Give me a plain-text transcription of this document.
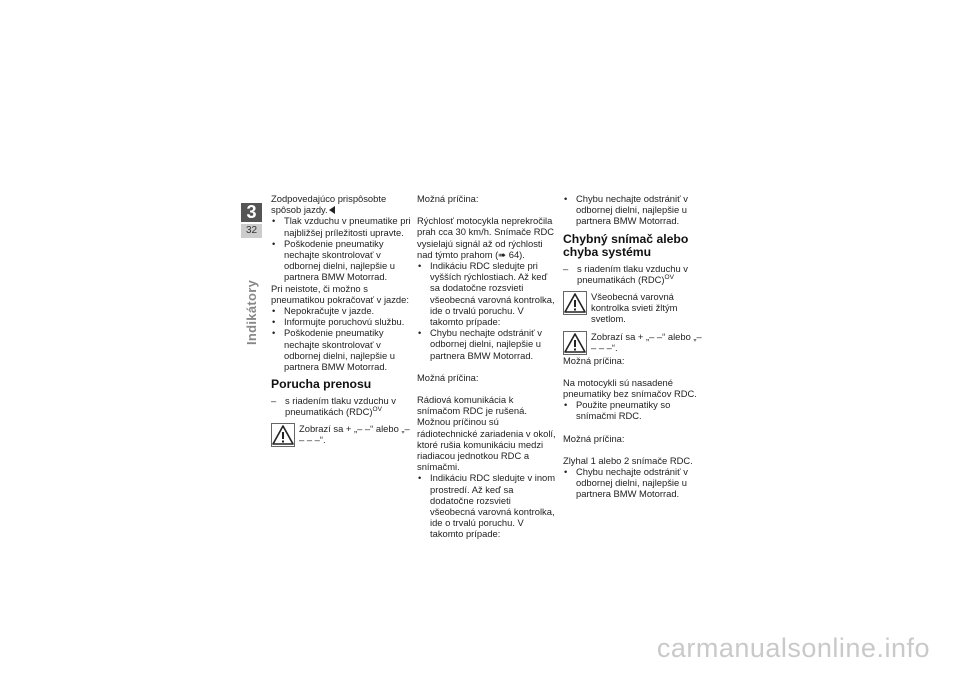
3
32
Indikátory

Zodpovedajúco prispôsobte spôsob jazdy.

• Tlak vzduchu v pneumatike pri najbližšej príležitosti upravte.
• Poškodenie pneumatiky nechajte skontrolovať v odbornej dielni, najlepšie u partnera BMW Motorrad.

Pri neistote, či možno s pneumatikou pokračovať v jazde:

• Nepokračujte v jazde.
• Informujte poruchovú službu.
• Poškodenie pneumatiky nechajte skontrolovať v odbornej dielni, najlepšie u partnera BMW Motorrad.
Porucha prenosu
– s riadením tlaku vzduchu v pneumatikách (RDC)$^{OV}$
Zobrazí sa + „– –“ alebo „– – – –“.

Možná príčina:

Rýchlosť motocykla neprekročila prah cca 30 km/h. Snímače RDC vysielajú signál až od rýchlosti nad týmto prahom (➠ 64).

• Indikáciu RDC sledujte pri vyšších rýchlostiach. Až keď sa dodatočne rozsvieti všeobecná varovná kontrolka, ide o trvalú poruchu. V takomto prípade:
• Chybu nechajte odstrániť v odbornej dielni, najlepšie u partnera BMW Motorrad.

Možná príčina:

Rádiová komunikácia k snímačom RDC je rušená. Možnou príčinou sú rádiotechnické zariadenia v okolí, ktoré rušia komunikáciu medzi riadiacou jednotkou RDC a snímačmi.

• Indikáciu RDC sledujte v inom prostredí. Až keď sa dodatočne rozsvieti všeobecná varovná kontrolka, ide o trvalú poruchu. V takomto prípade:
• Chybu nechajte odstrániť v odbornej dielni, najlepšie u partnera BMW Motorrad.
Chybný snímač alebo chyba systému
– s riadením tlaku vzduchu v pneumatikách (RDC)$^{OV}$
Všeobecná varovná kontrolka svieti žltým svetlom.
Zobrazí sa + „– –“ alebo „– – – –“.

Možná príčina:

Na motocykli sú nasadené pneumatiky bez snímačov RDC.

• Použite pneumatiky so snímačmi RDC.

Možná príčina:

Zlyhal 1 alebo 2 snímače RDC.

• Chybu nechajte odstrániť v odbornej dielni, najlepšie u partnera BMW Motorrad.
carmanualsonline.info
